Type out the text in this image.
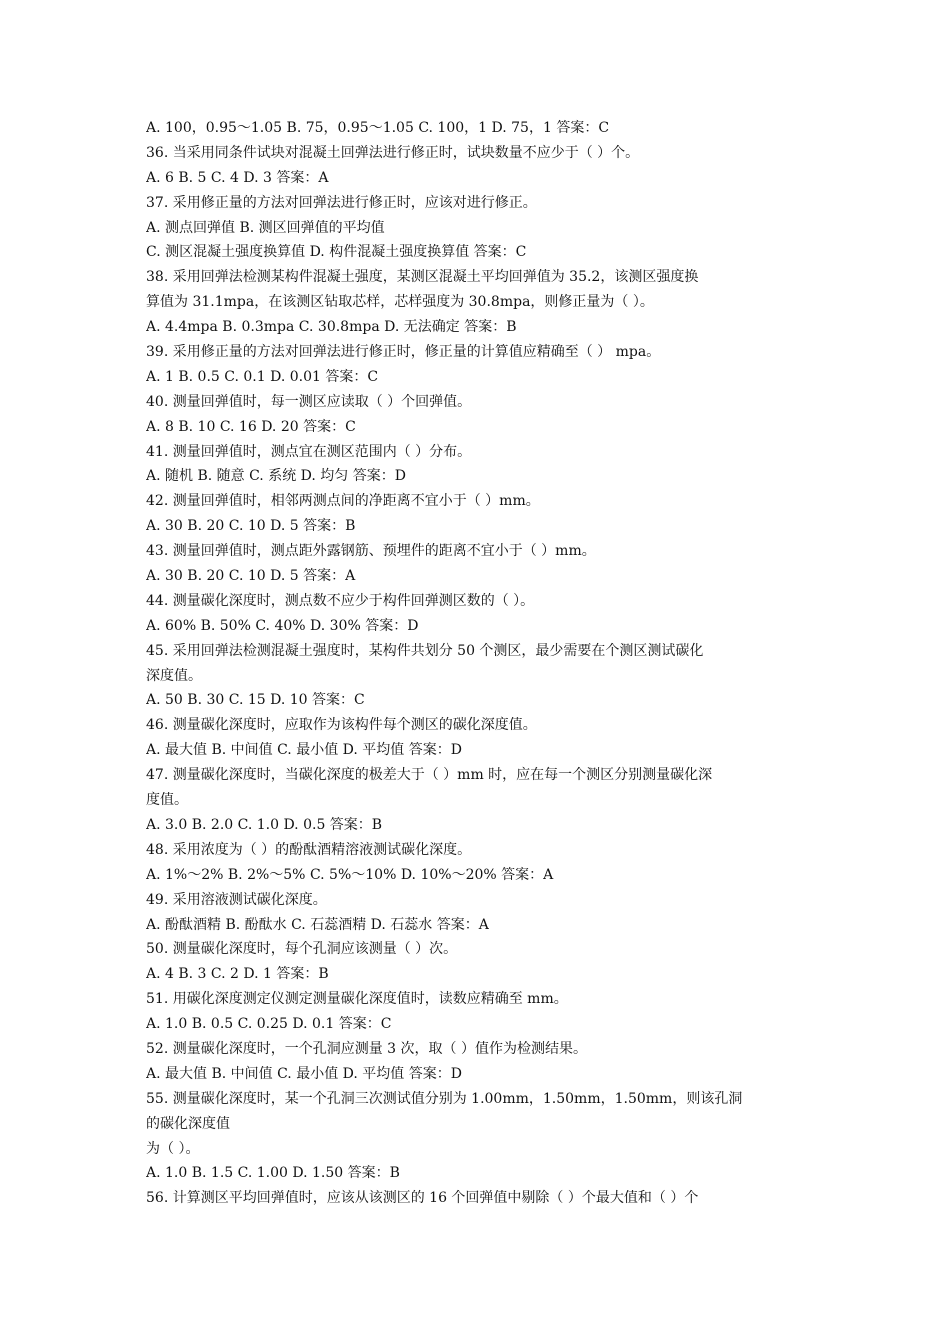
A. 100，0.95～1.05 B. 75，0.95～1.05 C. 100，1 D. 75，1 答案：C
36. 当采用同条件试块对混凝土回弹法进行修正时，试块数量不应少于（ ）个。
A. 6 B. 5 C. 4 D. 3 答案：A
37. 采用修正量的方法对回弹法进行修正时，应该对进行修正。
A. 测点回弹值 B. 测区回弹值的平均值
C. 测区混凝土强度换算值 D. 构件混凝土强度换算值 答案：C
38. 采用回弹法检测某构件混凝土强度，某测区混凝土平均回弹值为 35.2，该测区强度换
算值为 31.1mpa，在该测区钻取芯样，芯样强度为 30.8mpa，则修正量为（ ）。
A. 4.4mpa B. 0.3mpa C. 30.8mpa D. 无法确定 答案：B
39. 采用修正量的方法对回弹法进行修正时，修正量的计算值应精确至（ ） mpa。
A. 1 B. 0.5 C. 0.1 D. 0.01 答案：C
40. 测量回弹值时，每一测区应读取（ ）个回弹值。
A. 8 B. 10 C. 16 D. 20 答案：C
41. 测量回弹值时，测点宜在测区范围内（ ）分布。
A. 随机 B. 随意 C. 系统 D. 均匀 答案：D
42. 测量回弹值时，相邻两测点间的净距离不宜小于（ ）mm。
A. 30 B. 20 C. 10 D. 5 答案：B
43. 测量回弹值时，测点距外露钢筋、预埋件的距离不宜小于（ ）mm。
A. 30 B. 20 C. 10 D. 5 答案：A
44. 测量碳化深度时，测点数不应少于构件回弹测区数的（ ）。
A. 60% B. 50% C. 40% D. 30% 答案：D
45. 采用回弹法检测混凝土强度时，某构件共划分 50 个测区，最少需要在个测区测试碳化
深度值。
A. 50 B. 30 C. 15 D. 10 答案：C
46. 测量碳化深度时，应取作为该构件每个测区的碳化深度值。
A. 最大值 B. 中间值 C. 最小值 D. 平均值 答案：D
47. 测量碳化深度时，当碳化深度的极差大于（ ）mm 时，应在每一个测区分别测量碳化深
度值。
A. 3.0 B. 2.0 C. 1.0 D. 0.5 答案：B
48. 采用浓度为（ ）的酚酞酒精溶液测试碳化深度。
A. 1%～2% B. 2%～5% C. 5%～10% D. 10%～20% 答案：A
49. 采用溶液测试碳化深度。
A. 酚酞酒精 B. 酚酞水 C. 石蕊酒精 D. 石蕊水 答案：A
50. 测量碳化深度时，每个孔洞应该测量（ ）次。
A. 4 B. 3 C. 2 D. 1 答案：B
51. 用碳化深度测定仪测定测量碳化深度值时，读数应精确至 mm。
A. 1.0 B. 0.5 C. 0.25 D. 0.1 答案：C
52. 测量碳化深度时，一个孔洞应测量 3 次，取（ ）值作为检测结果。
A. 最大值 B. 中间值 C. 最小值 D. 平均值 答案：D
55. 测量碳化深度时，某一个孔洞三次测试值分别为 1.00mm，1.50mm，1.50mm，则该孔洞
的碳化深度值
为（ ）。
A. 1.0 B. 1.5 C. 1.00 D. 1.50 答案：B
56. 计算测区平均回弹值时，应该从该测区的 16 个回弹值中剔除（ ）个最大值和（ ）个
